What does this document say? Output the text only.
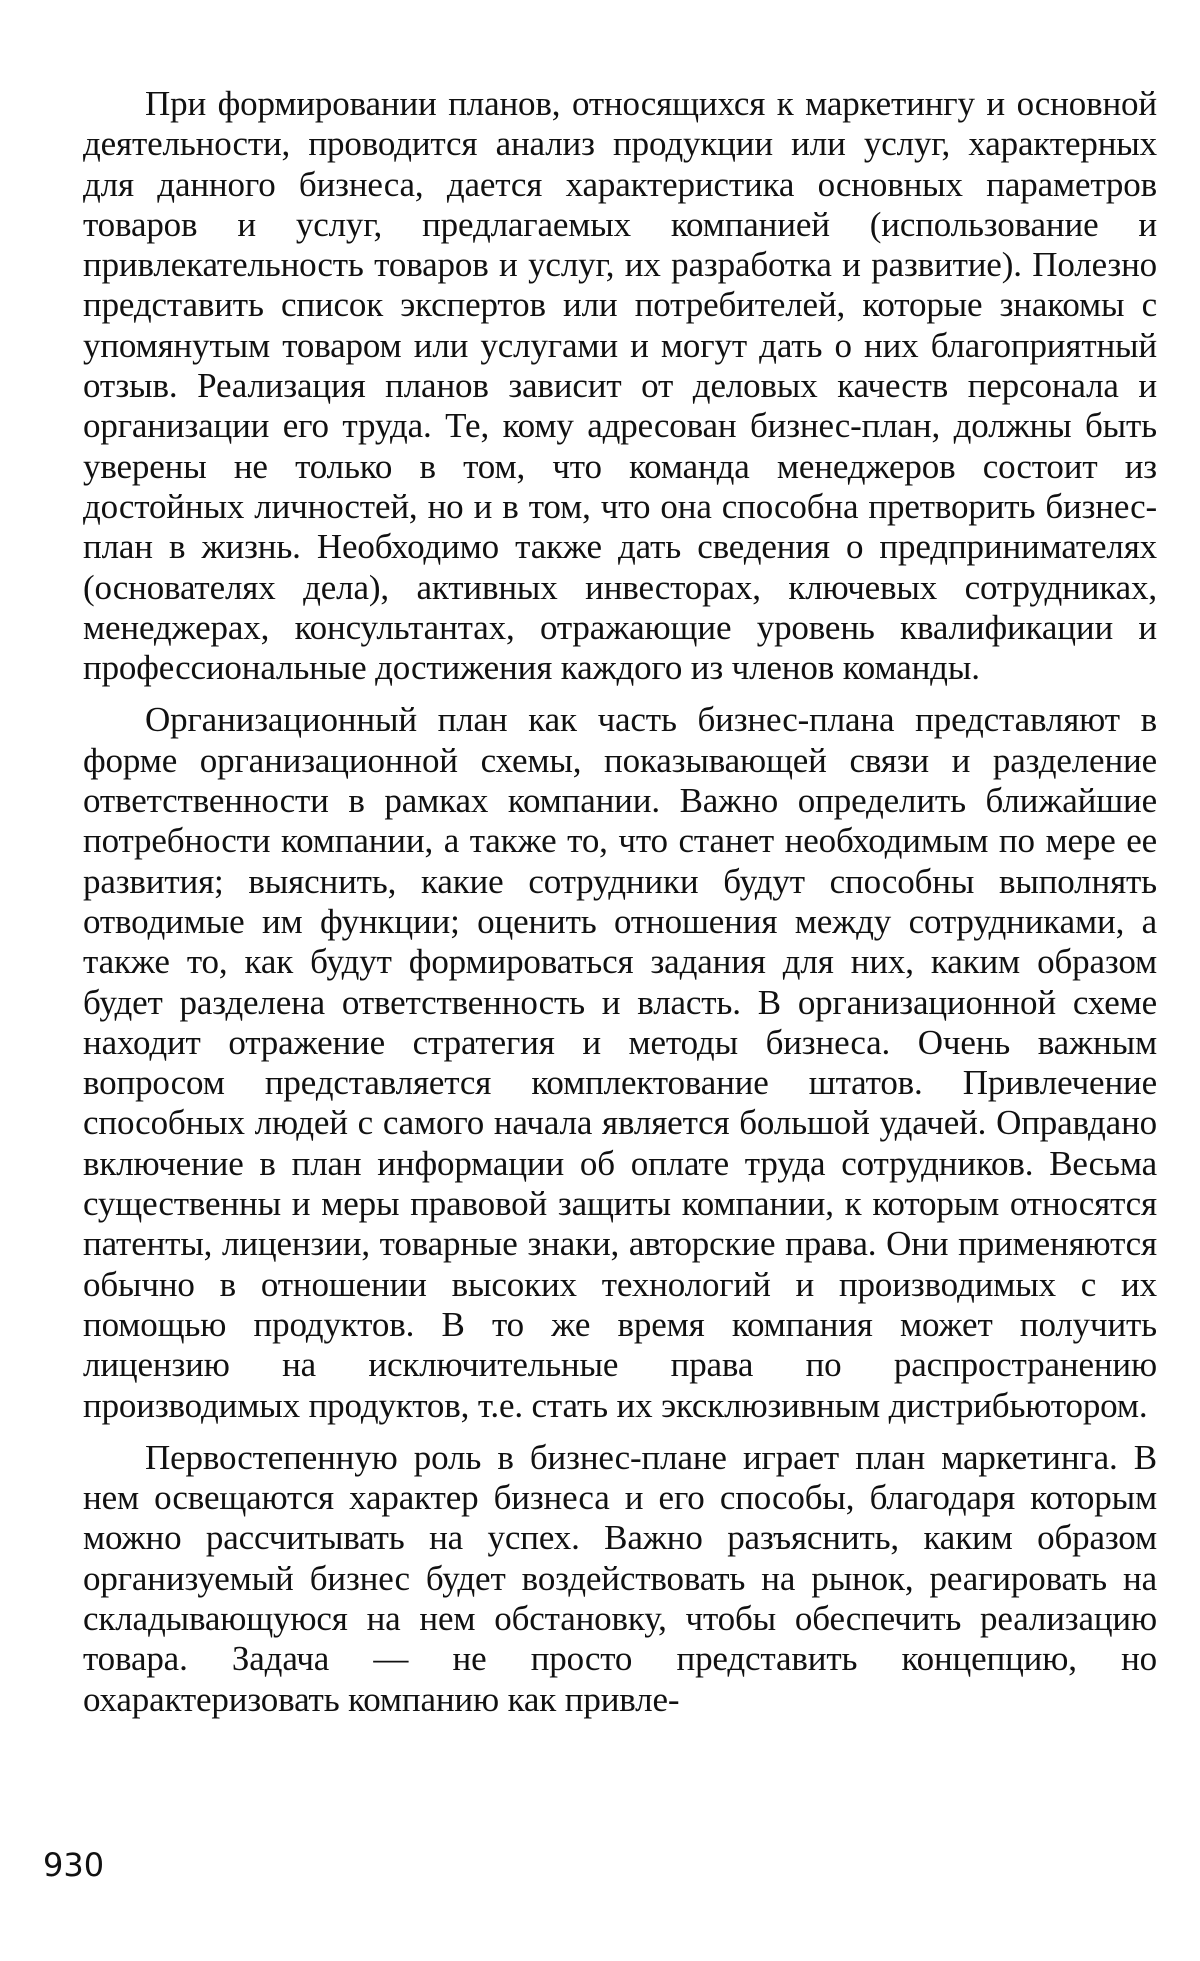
При формировании планов, относящихся к маркетингу и основной деятельности, проводится анализ продукции или услуг, характерных для данного бизнеса, дается характеристика основных параметров товаров и услуг, предлагаемых компанией (использование и привлекательность товаров и услуг, их разработка и развитие). Полезно представить список экспертов или потребителей, которые знакомы с упомянутым товаром или услугами и могут дать о них благоприятный отзыв. Реализация планов зависит от деловых качеств персонала и организации его труда. Те, кому адресован бизнес-план, должны быть уверены не только в том, что команда менеджеров состоит из достойных личностей, но и в том, что она способна претворить бизнес-план в жизнь. Необходимо также дать сведения о предпринимателях (основателях дела), активных инвесторах, ключевых сотрудниках, менеджерах, консультантах, отражающие уровень квалификации и профессиональные достижения каждого из членов команды.

Организационный план как часть бизнес-плана представляют в форме организационной схемы, показывающей связи и разделение ответственности в рамках компании. Важно определить ближайшие потребности компании, а также то, что станет необходимым по мере ее развития; выяснить, какие сотрудники будут способны выполнять отводимые им функции; оценить отношения между сотрудниками, а также то, как будут формироваться задания для них, каким образом будет разделена ответственность и власть. В организационной схеме находит отражение стратегия и методы бизнеса. Очень важным вопросом представляется комплектование штатов. Привлечение способных людей с самого начала является большой удачей. Оправдано включение в план информации об оплате труда сотрудников. Весьма существенны и меры правовой защиты компании, к которым относятся патенты, лицензии, товарные знаки, авторские права. Они применяются обычно в отношении высоких технологий и производимых с их помощью продуктов. В то же время компания может получить лицензию на исключительные права по распространению производимых продуктов, т.е. стать их эксклюзивным дистрибьютором.

Первостепенную роль в бизнес-плане играет план маркетинга. В нем освещаются характер бизнеса и его способы, благодаря которым можно рассчитывать на успех. Важно разъяснить, каким образом организуемый бизнес будет воздействовать на рынок, реагировать на складывающуюся на нем обстановку, чтобы обеспечить реализацию товара. Задача — не просто представить концепцию, но охарактеризовать компанию как привле-

930
